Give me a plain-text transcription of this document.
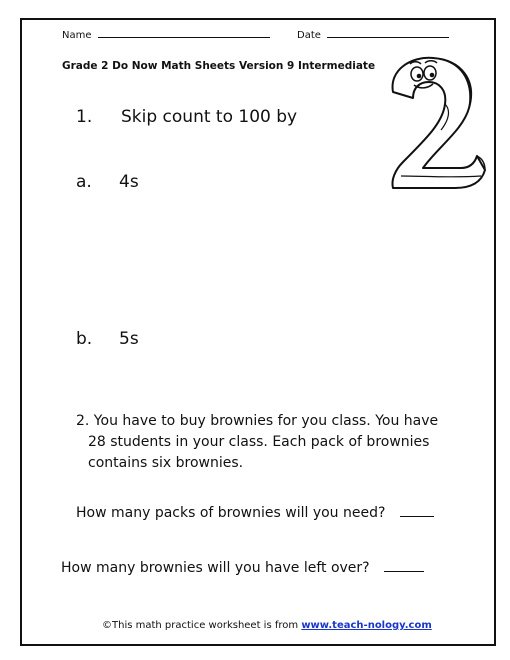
Name	Date
Grade 2 Do Now Math Sheets Version 9 Intermediate
1. Skip count to 100 by
a. 4s
b. 5s
2. You have to buy brownies for you class. You have
28 students in your class. Each pack of brownies
contains six brownies.
How many packs of brownies will you need?
How many brownies will you have left over?
©This math practice worksheet is from www.teach-nology.com
